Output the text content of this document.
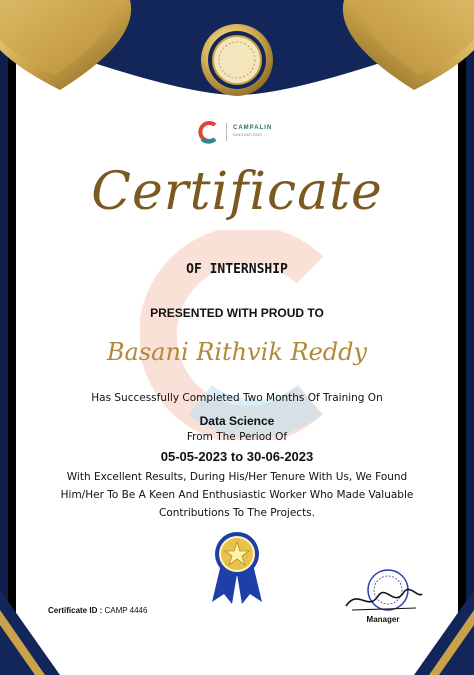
CAMPALIN
INNOVATIONS
Certificate
OF INTERNSHIP
PRESENTED WITH PROUD TO
Basani Rithvik Reddy
Has Successfully Completed Two Months Of Training On
Data Science
From The Period Of
05-05-2023 to 30-06-2023
With Excellent Results, During His/Her Tenure With Us, We Found
Him/Her To Be A Keen And Enthusiastic Worker Who Made Valuable
Contributions To The Projects.
Certificate ID : CAMP 4446
Manager
